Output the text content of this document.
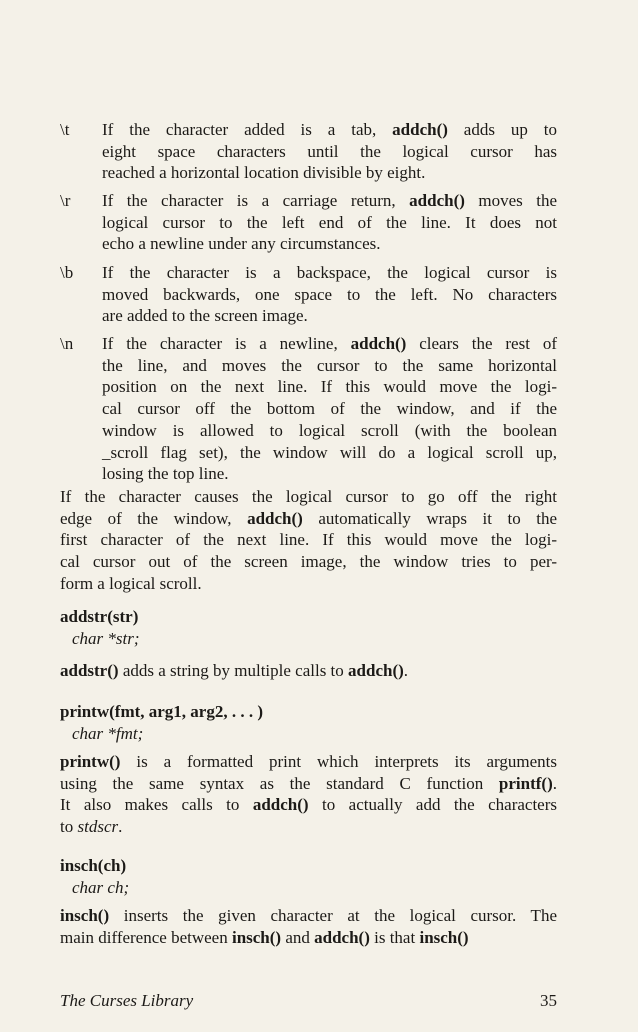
\t	If the character added is a tab, addch() adds up to
eight space characters until the logical cursor has
reached a horizontal location divisible by eight.
\r	If the character is a carriage return, addch() moves the
logical cursor to the left end of the line. It does not
echo a newline under any circumstances.
\b	If the character is a backspace, the logical cursor is
moved backwards, one space to the left. No characters
are added to the screen image.
\n	If the character is a newline, addch() clears the rest of
the line, and moves the cursor to the same horizontal
position on the next line. If this would move the logi-
cal cursor off the bottom of the window, and if the
window is allowed to logical scroll (with the boolean
_scroll flag set), the window will do a logical scroll up,
losing the top line.
If the character causes the logical cursor to go off the right
edge of the window, addch() automatically wraps it to the
first character of the next line. If this would move the logi-
cal cursor out of the screen image, the window tries to per-
form a logical scroll.
addstr(str)
char *str;
addstr() adds a string by multiple calls to addch().
printw(fmt, arg1, arg2, . . . )
char *fmt;
printw() is a formatted print which interprets its arguments
using the same syntax as the standard C function printf().
It also makes calls to addch() to actually add the characters
to stdscr.
insch(ch)
char ch;
insch() inserts the given character at the logical cursor. The
main difference between insch() and addch() is that insch()
The Curses Library	35
